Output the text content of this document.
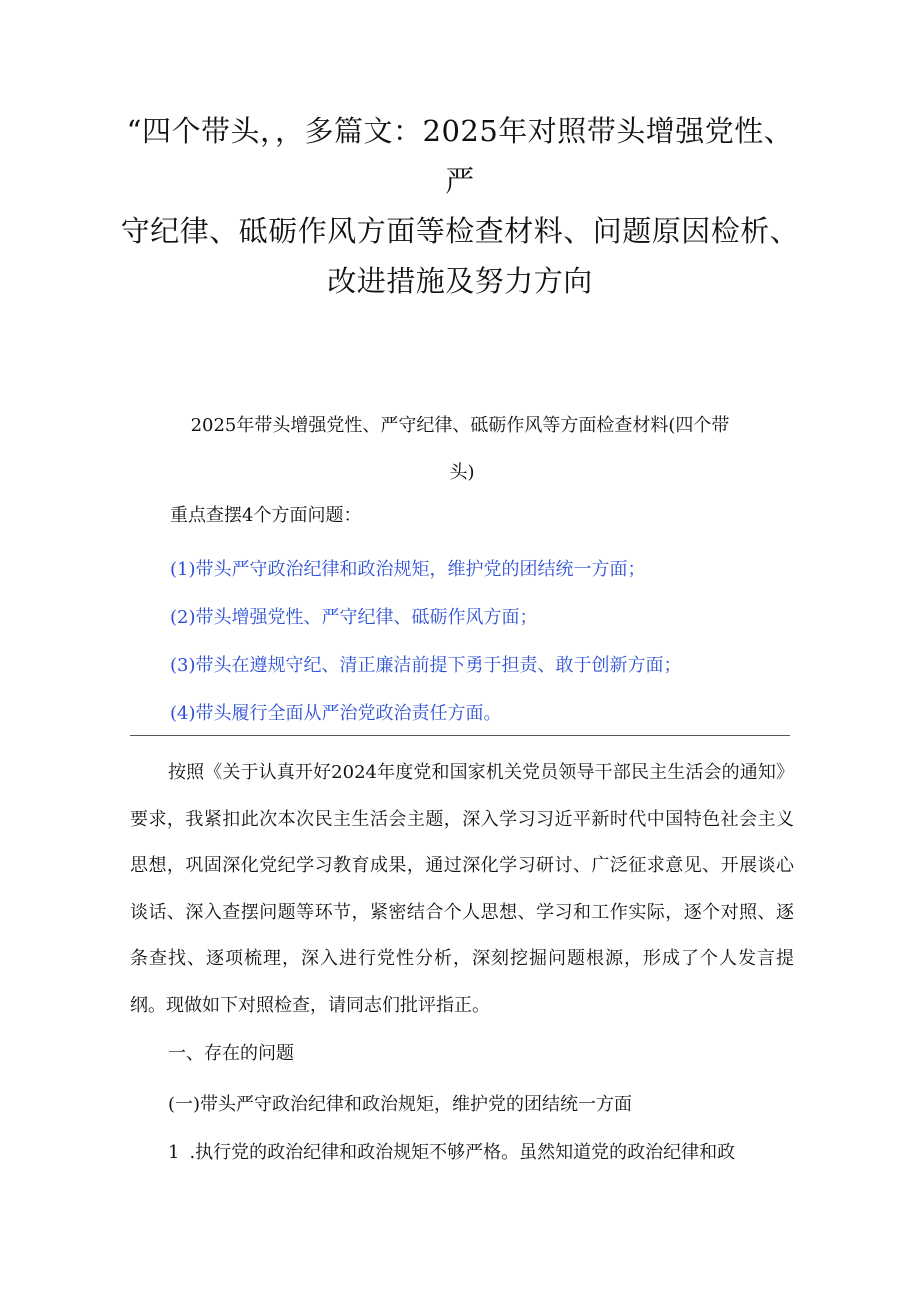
“四个带头，，多篇文：2025年对照带头增强党性、
严
守纪律、砥砺作风方面等检查材料、问题原因检析、
改进措施及努力方向
2025年带头增强党性、严守纪律、砥砺作风等方面检查材料(四个带
头)

重点查摆4个方面问题：

(1)带头严守政治纪律和政治规矩，维护党的团结统一方面；
(2)带头增强党性、严守纪律、砥砺作风方面；
(3)带头在遵规守纪、清正廉洁前提下勇于担责、敢于创新方面；
(4)带头履行全面从严治党政治责任方面。

按照《关于认真开好2024年度党和国家机关党员领导干部民主生活会的通知》要求，我紧扣此次本次民主生活会主题，深入学习习近平新时代中国特色社会主义思想，巩固深化党纪学习教育成果，通过深化学习研讨、广泛征求意见、开展谈心谈话、深入查摆问题等环节，紧密结合个人思想、学习和工作实际，逐个对照、逐条查找、逐项梳理，深入进行党性分析，深刻挖掘问题根源，形成了个人发言提纲。现做如下对照检查，请同志们批评指正。

一、存在的问题
(一)带头严守政治纪律和政治规矩，维护党的团结统一方面

1 .执行党的政治纪律和政治规矩不够严格。虽然知道党的政治纪律和政
